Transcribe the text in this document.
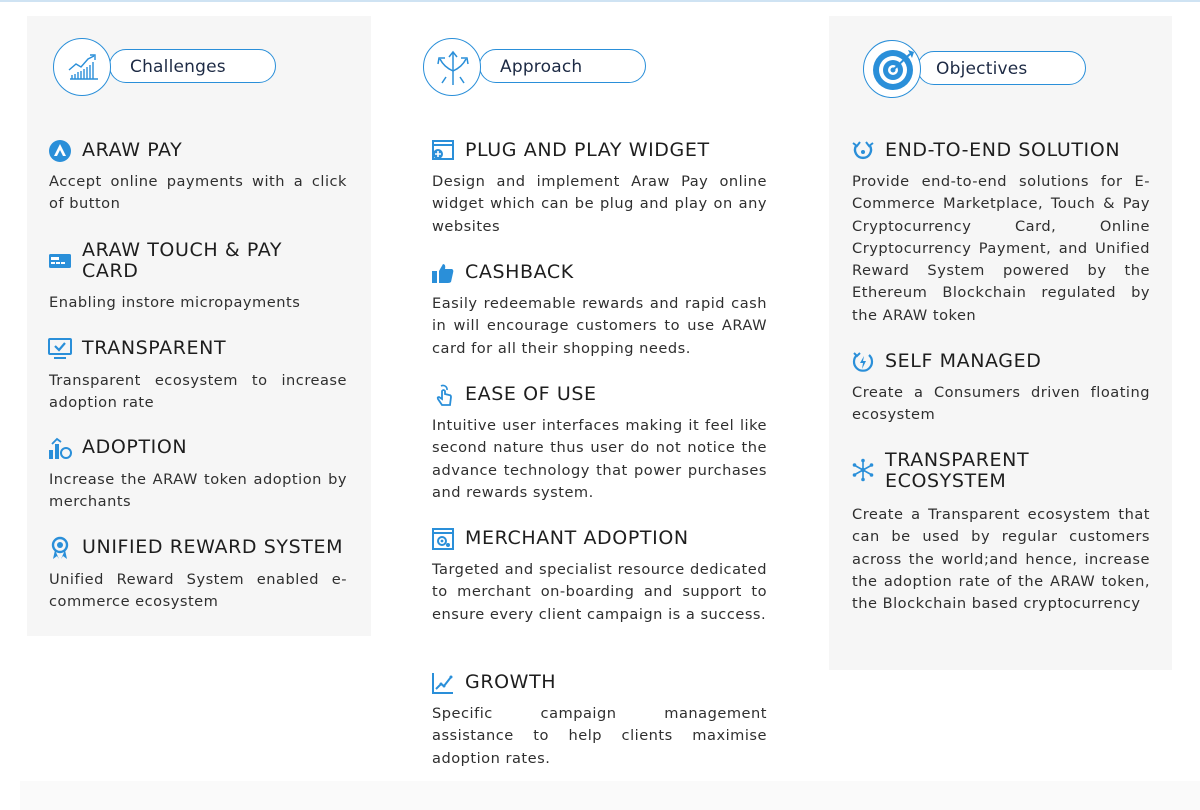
Challenges
ARAW PAY

Accept online payments with a click of button

ARAW TOUCH & PAY CARD

Enabling instore micropayments

TRANSPARENT

Transparent ecosystem to increase adoption rate

ADOPTION

Increase the ARAW token adoption by merchants

UNIFIED REWARD SYSTEM

Unified Reward System enabled e-commerce ecosystem

Approach
PLUG AND PLAY WIDGET

Design and implement Araw Pay online widget which can be plug and play on any websites

CASHBACK

Easily redeemable rewards and rapid cash in will encourage customers to use ARAW card for all their shopping needs.

EASE OF USE

Intuitive user interfaces making it feel like second nature thus user do not notice the advance technology that power purchases and rewards system.

MERCHANT ADOPTION

Targeted and specialist resource dedicated to merchant on-boarding and support to ensure every client campaign is a success.

GROWTH

Specific campaign management assistance to help clients maximise adoption rates.

Objectives
END-TO-END SOLUTION

Provide end-to-end solutions for E-Commerce Marketplace, Touch & Pay Cryptocurrency Card, Online Cryptocurrency Payment, and Unified Reward System powered by the Ethereum Blockchain regulated by the ARAW token

SELF MANAGED

Create a Consumers driven floating ecosystem

TRANSPARENT ECOSYSTEM

Create a Transparent ecosystem that can be used by regular customers across the world;and hence, increase the adoption rate of the ARAW token, the Blockchain based cryptocurrency
